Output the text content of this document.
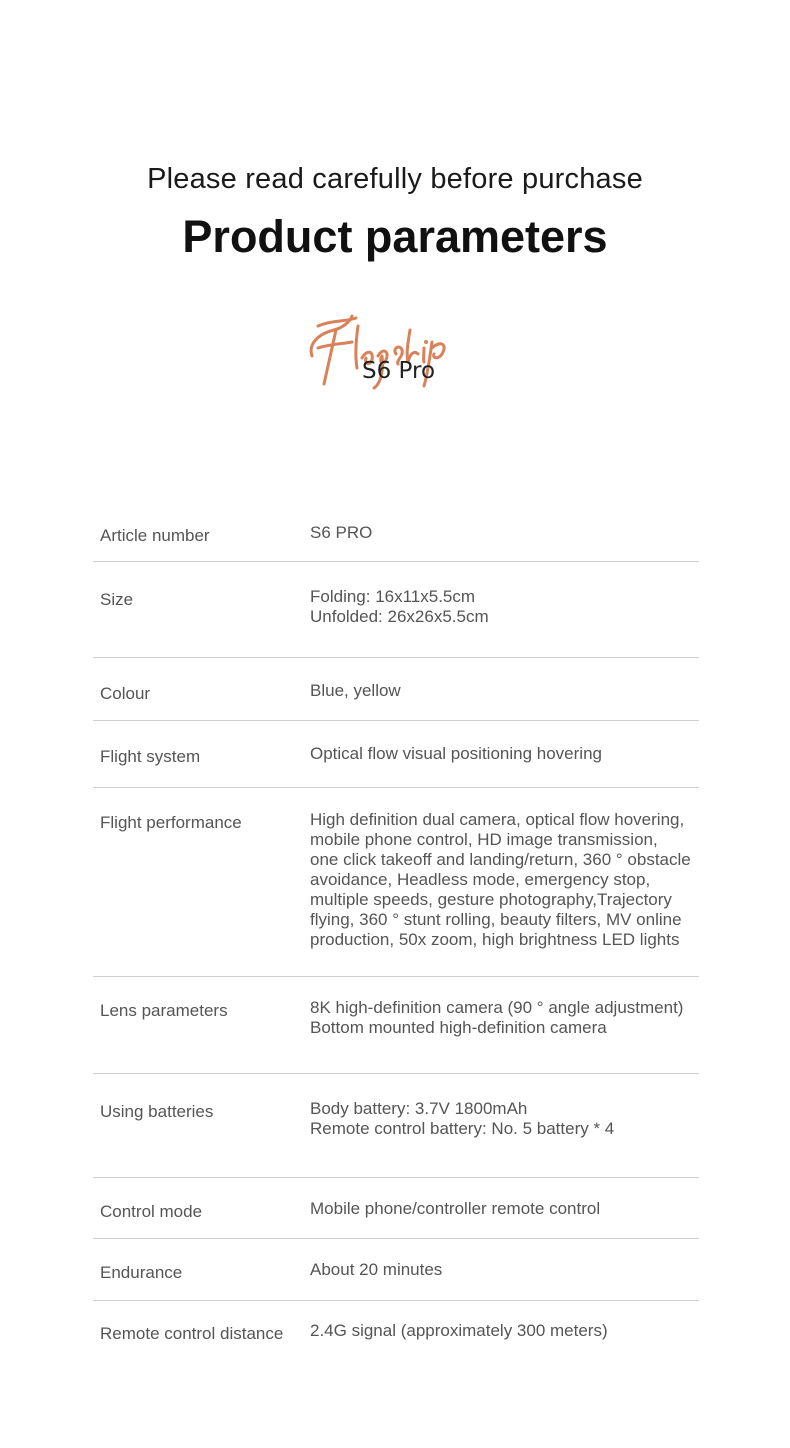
Please read carefully before purchase
Product parameters
S6 Pro
Article number	S6 PRO
Size	Folding: 16x11x5.5cm
Unfolded: 26x26x5.5cm
Colour	Blue, yellow
Flight system	Optical flow visual positioning hovering
Flight performance	High definition dual camera, optical flow hovering,
mobile phone control, HD image transmission,
one click takeoff and landing/return, 360 ° obstacle
avoidance, Headless mode, emergency stop,
multiple speeds, gesture photography,Trajectory
flying, 360 ° stunt rolling, beauty filters, MV online
production, 50x zoom, high brightness LED lights
Lens parameters	8K high-definition camera (90 ° angle adjustment)
Bottom mounted high-definition camera
Using batteries	Body battery: 3.7V 1800mAh
Remote control battery: No. 5 battery * 4
Control mode	Mobile phone/controller remote control
Endurance	About 20 minutes
Remote control distance 2.4G signal (approximately 300 meters)
